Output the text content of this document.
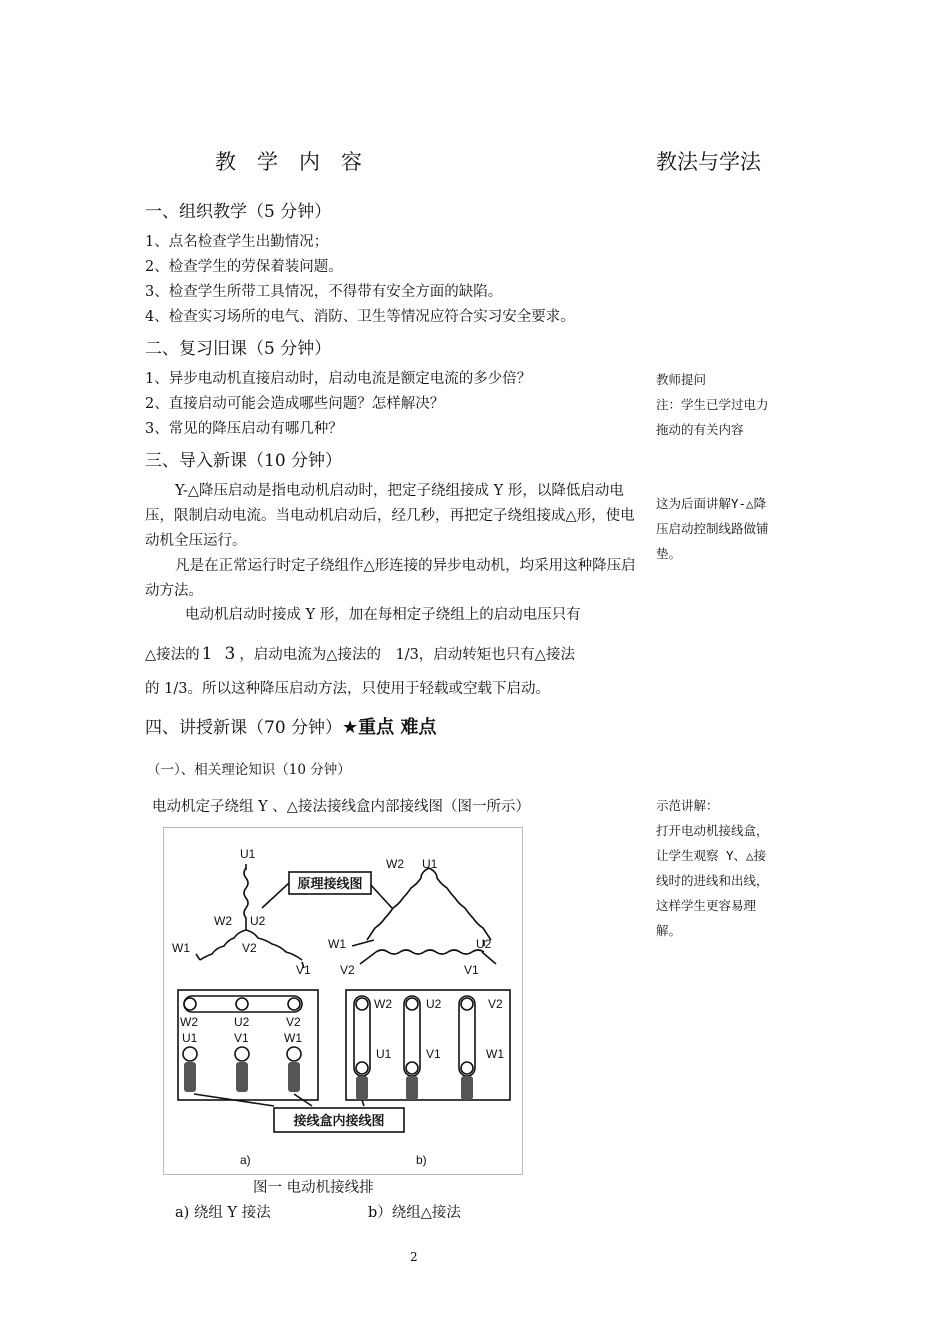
教　学　内　容	教法与学法
一、组织教学（5 分钟）
1、点名检查学生出勤情况；
2、检查学生的劳保着装问题。
3、检查学生所带工具情况，不得带有安全方面的缺陷。
4、检查实习场所的电气、消防、卫生等情况应符合实习安全要求。
二、复习旧课（5 分钟）
1、异步电动机直接启动时，启动电流是额定电流的多少倍？
2、直接启动可能会造成哪些问题？怎样解决？
3、常见的降压启动有哪几种？
教师提问
注：学生已学过电力
拖动的有关内容
三、导入新课（10 分钟）
Y-△降压启动是指电动机启动时，把定子绕组接成 Y 形，以降低启动电压，限制启动电流。当电动机启动后，经几秒，再把定子绕组接成△形，使电动机全压运行。
凡是在正常运行时定子绕组作△形连接的异步电动机，均采用这种降压启动方法。
电动机启动时接成 Y 形，加在每相定子绕组上的启动电压只有
△接法的 1 3 ，启动电流为△接法的　1/3，启动转矩也只有△接法
的 1/3。所以这种降压启动方法，只使用于轻载或空载下启动。
这为后面讲解Y-△降
压启动控制线路做铺
垫。
四、讲授新课（70 分钟）★重点 难点
（一）、相关理论知识（10 分钟）
电动机定子绕组 Y 、△接法接线盒内部接线图（图一所示）	示范讲解：
打开电动机接线盒，
让学生观察 Y、△接
线时的进线和出线，
这样学生更容易理
解。
U1
W2 U2
V2
W1
V1
W2 U1
W1	U2
V2	V1
W2	U2	V2
U1	V1	W1
W2	U2	V2
U1	V1	W1
a)	b)
原理接线图
接线盒内接线图
图一 电动机接线排
a) 绕组 Y 接法	b）绕组△接法
2
